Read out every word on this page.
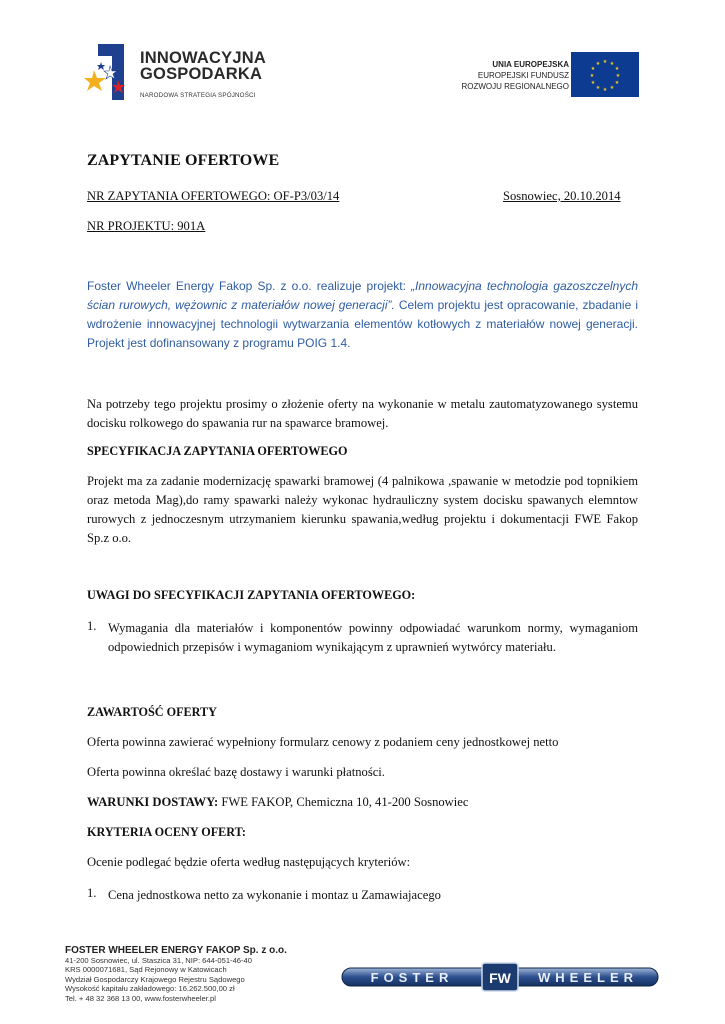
INNOWACYJNA
GOSPODARKA
NARODOWA STRATEGIA SPÓJNOŚCI
UNIA EUROPEJSKA
EUROPEJSKI FUNDUSZ
ROZWOJU REGIONALNEGO
★ ★
★
★
★
★
★
★
★
★
★
★
ZAPYTANIE OFERTOWE
NR ZAPYTANIA OFERTOWEGO: OF-P3/03/14	Sosnowiec, 20.10.2014
NR PROJEKTU: 901A
Foster Wheeler Energy Fakop Sp. z o.o. realizuje projekt: „Innowacyjna technologia gazoszczelnych ścian rurowych, wężownic z materiałów nowej generacji”. Celem projektu jest opracowanie, zbadanie i wdrożenie innowacyjnej technologii wytwarzania elementów kotłowych z materiałów nowej generacji. Projekt jest dofinansowany z programu POIG 1.4.
Na potrzeby tego projektu prosimy o złożenie oferty na wykonanie w metalu zautomatyzowanego systemu docisku rolkowego do spawania rur na spawarce bramowej.
SPECYFIKACJA ZAPYTANIA OFERTOWEGO
Projekt ma za zadanie modernizację spawarki bramowej (4 palnikowa ,spawanie w metodzie pod topnikiem oraz metoda Mag),do ramy spawarki należy wykonac hydrauliczny system docisku spawanych elemntow rurowych z jednoczesnym utrzymaniem kierunku spawania,według projektu i dokumentacji FWE Fakop Sp.z o.o.
UWAGI DO SFECYFIKACJI ZAPYTANIA OFERTOWEGO:
1. Wymagania dla materiałów i komponentów powinny odpowiadać warunkom normy, wymaganiom odpowiednich przepisów i wymaganiom wynikającym z uprawnień wytwórcy materiału.
ZAWARTOŚĆ OFERTY
Oferta powinna zawierać wypełniony formularz cenowy z podaniem ceny jednostkowej netto
Oferta powinna określać bazę dostawy i warunki płatności.
WARUNKI DOSTAWY: FWE FAKOP, Chemiczna 10, 41-200 Sosnowiec
KRYTERIA OCENY OFERT:
Ocenie podlegać będzie oferta według następujących kryteriów:
1. Cena jednostkowa netto za wykonanie i montaz u Zamawiajacego
FOSTER WHEELER ENERGY FAKOP Sp. z o.o.
41-200 Sosnowiec, ul. Staszica 31, NIP: 644-051-46-40
KRS 0000071681, Sąd Rejonowy w Katowicach
Wydział Gospodarczy Krajowego Rejestru Sądowego
Wysokość kapitału zakładowego: 16.262.500,00 zł
Tel. + 48 32 368 13 00, www.fosterwheeler.pl
FW
FOSTER	WHEELER
